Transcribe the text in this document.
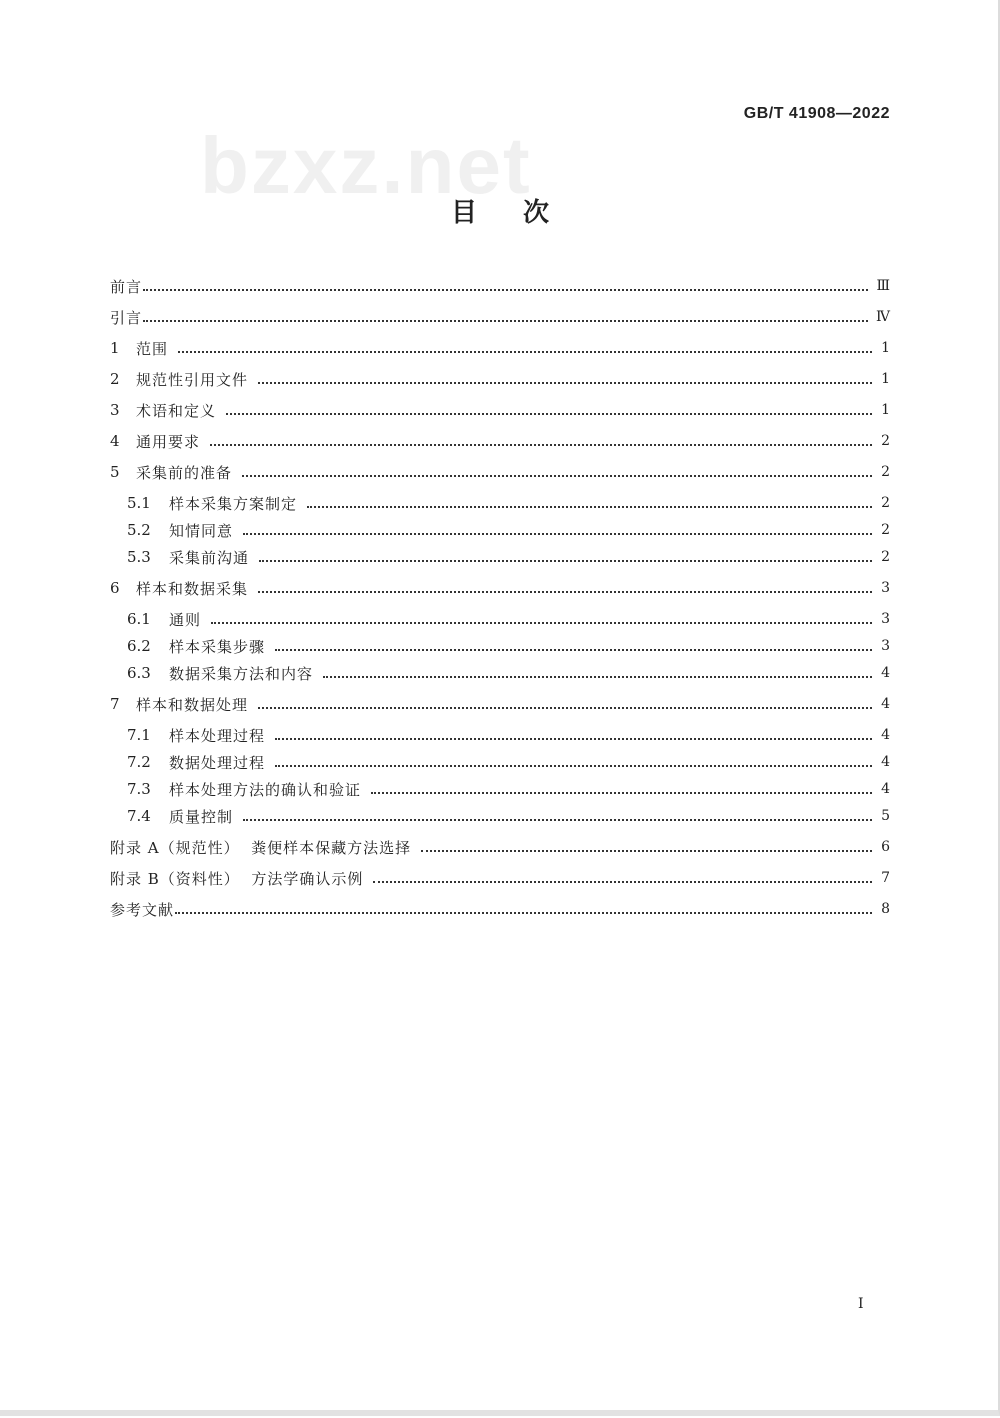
bzxz.net
GB/T 41908—2022
目次
前言	Ⅲ
引言	Ⅳ
1	范围	1
2	规范性引用文件	1
3	术语和定义	1
4	通用要求	2
5	采集前的准备	2
5.1	样本采集方案制定	2
5.2	知情同意	2
5.3	采集前沟通	2
6	样本和数据采集	3
6.1	通则	3
6.2	样本采集步骤	3
6.3	数据采集方法和内容	4
7	样本和数据处理	4
7.1	样本处理过程	4
7.2	数据处理过程	4
7.3	样本处理方法的确认和验证	4
7.4	质量控制	5
附录 A（规范性）  粪便样本保藏方法选择	6
附录 B（资料性）  方法学确认示例	7
参考文献	8
I
